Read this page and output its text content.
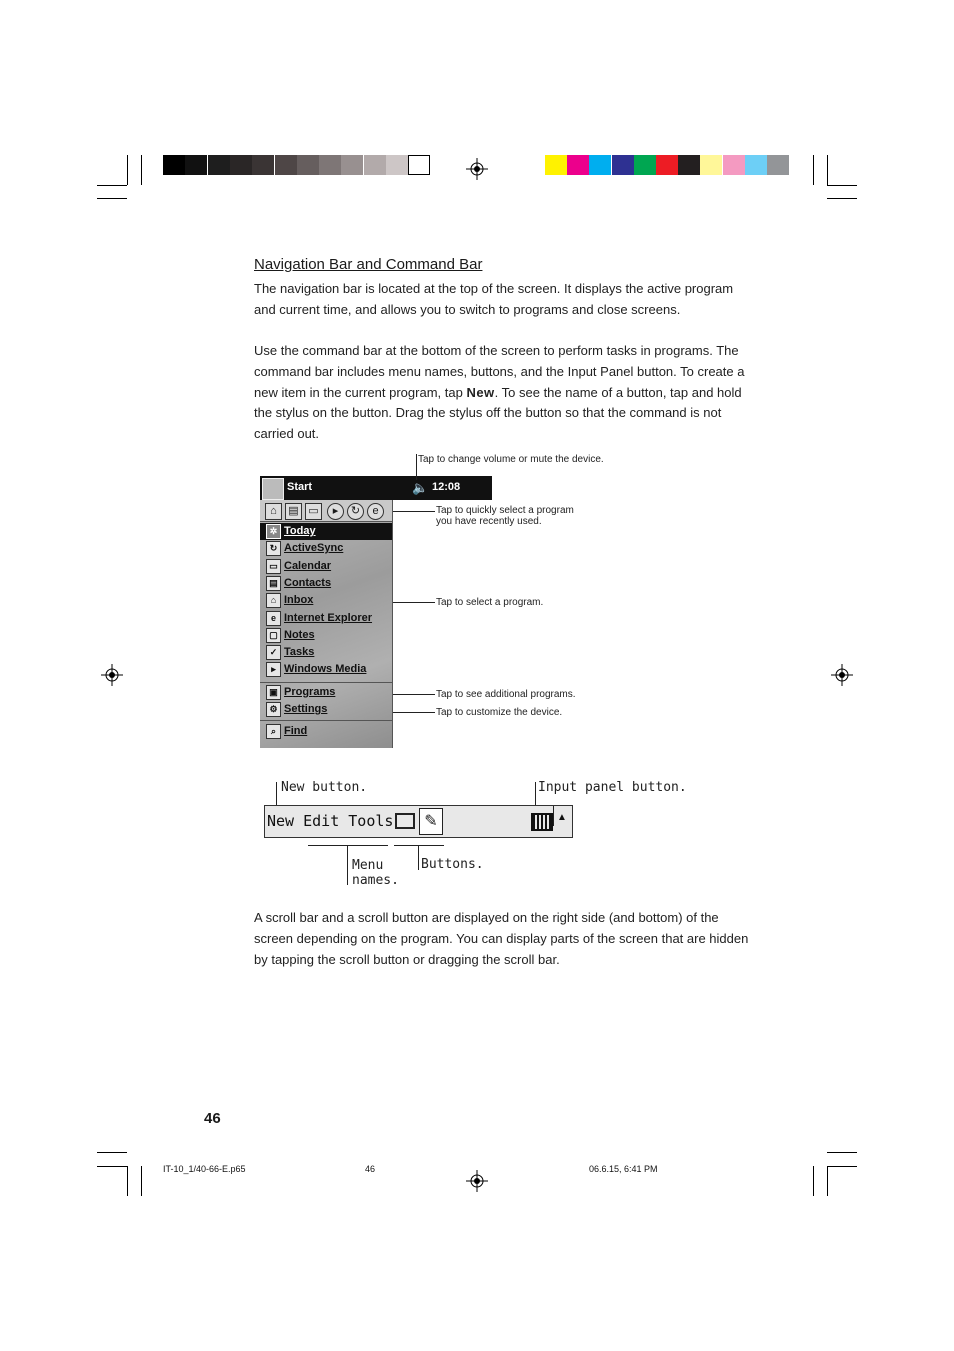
Navigation Bar and Command Bar
The navigation bar is located at the top of the screen. It displays the active program and current time, and allows you to switch to programs and close screens.
Use the command bar at the bottom of the screen to perform tasks in programs. The command bar includes menu names, buttons, and the Input Panel button. To create a new item in the current program, tap New. To see the name of a button, tap and hold the stylus on the button. Drag the stylus off the button so that the command is not carried out.
Start	🔈 12:08
⌂	▤ ▭	▸	↻	e
✲ Today
↻ ActiveSync
▭ Calendar
▤ Contacts
⌂ Inbox
e Internet Explorer
▢ Notes
✓ Tasks
▸ Windows Media
▣ Programs
⚙ Settings
⌕ Find
Tap to change volume or mute the device.
Tap to quickly select a program
you have recently used.
Tap to select a program.
Tap to see additional programs.
Tap to customize the device.
New button.	Input panel button.
New Edit Tools	✎	▲
Menu
names.
Buttons.
A scroll bar and a scroll button are displayed on the right side (and bottom) of the screen depending on the program. You can display parts of the screen that are hidden by tapping the scroll button or dragging the scroll bar.
46
IT-10_1/40-66-E.p65	46	06.6.15, 6:41 PM
